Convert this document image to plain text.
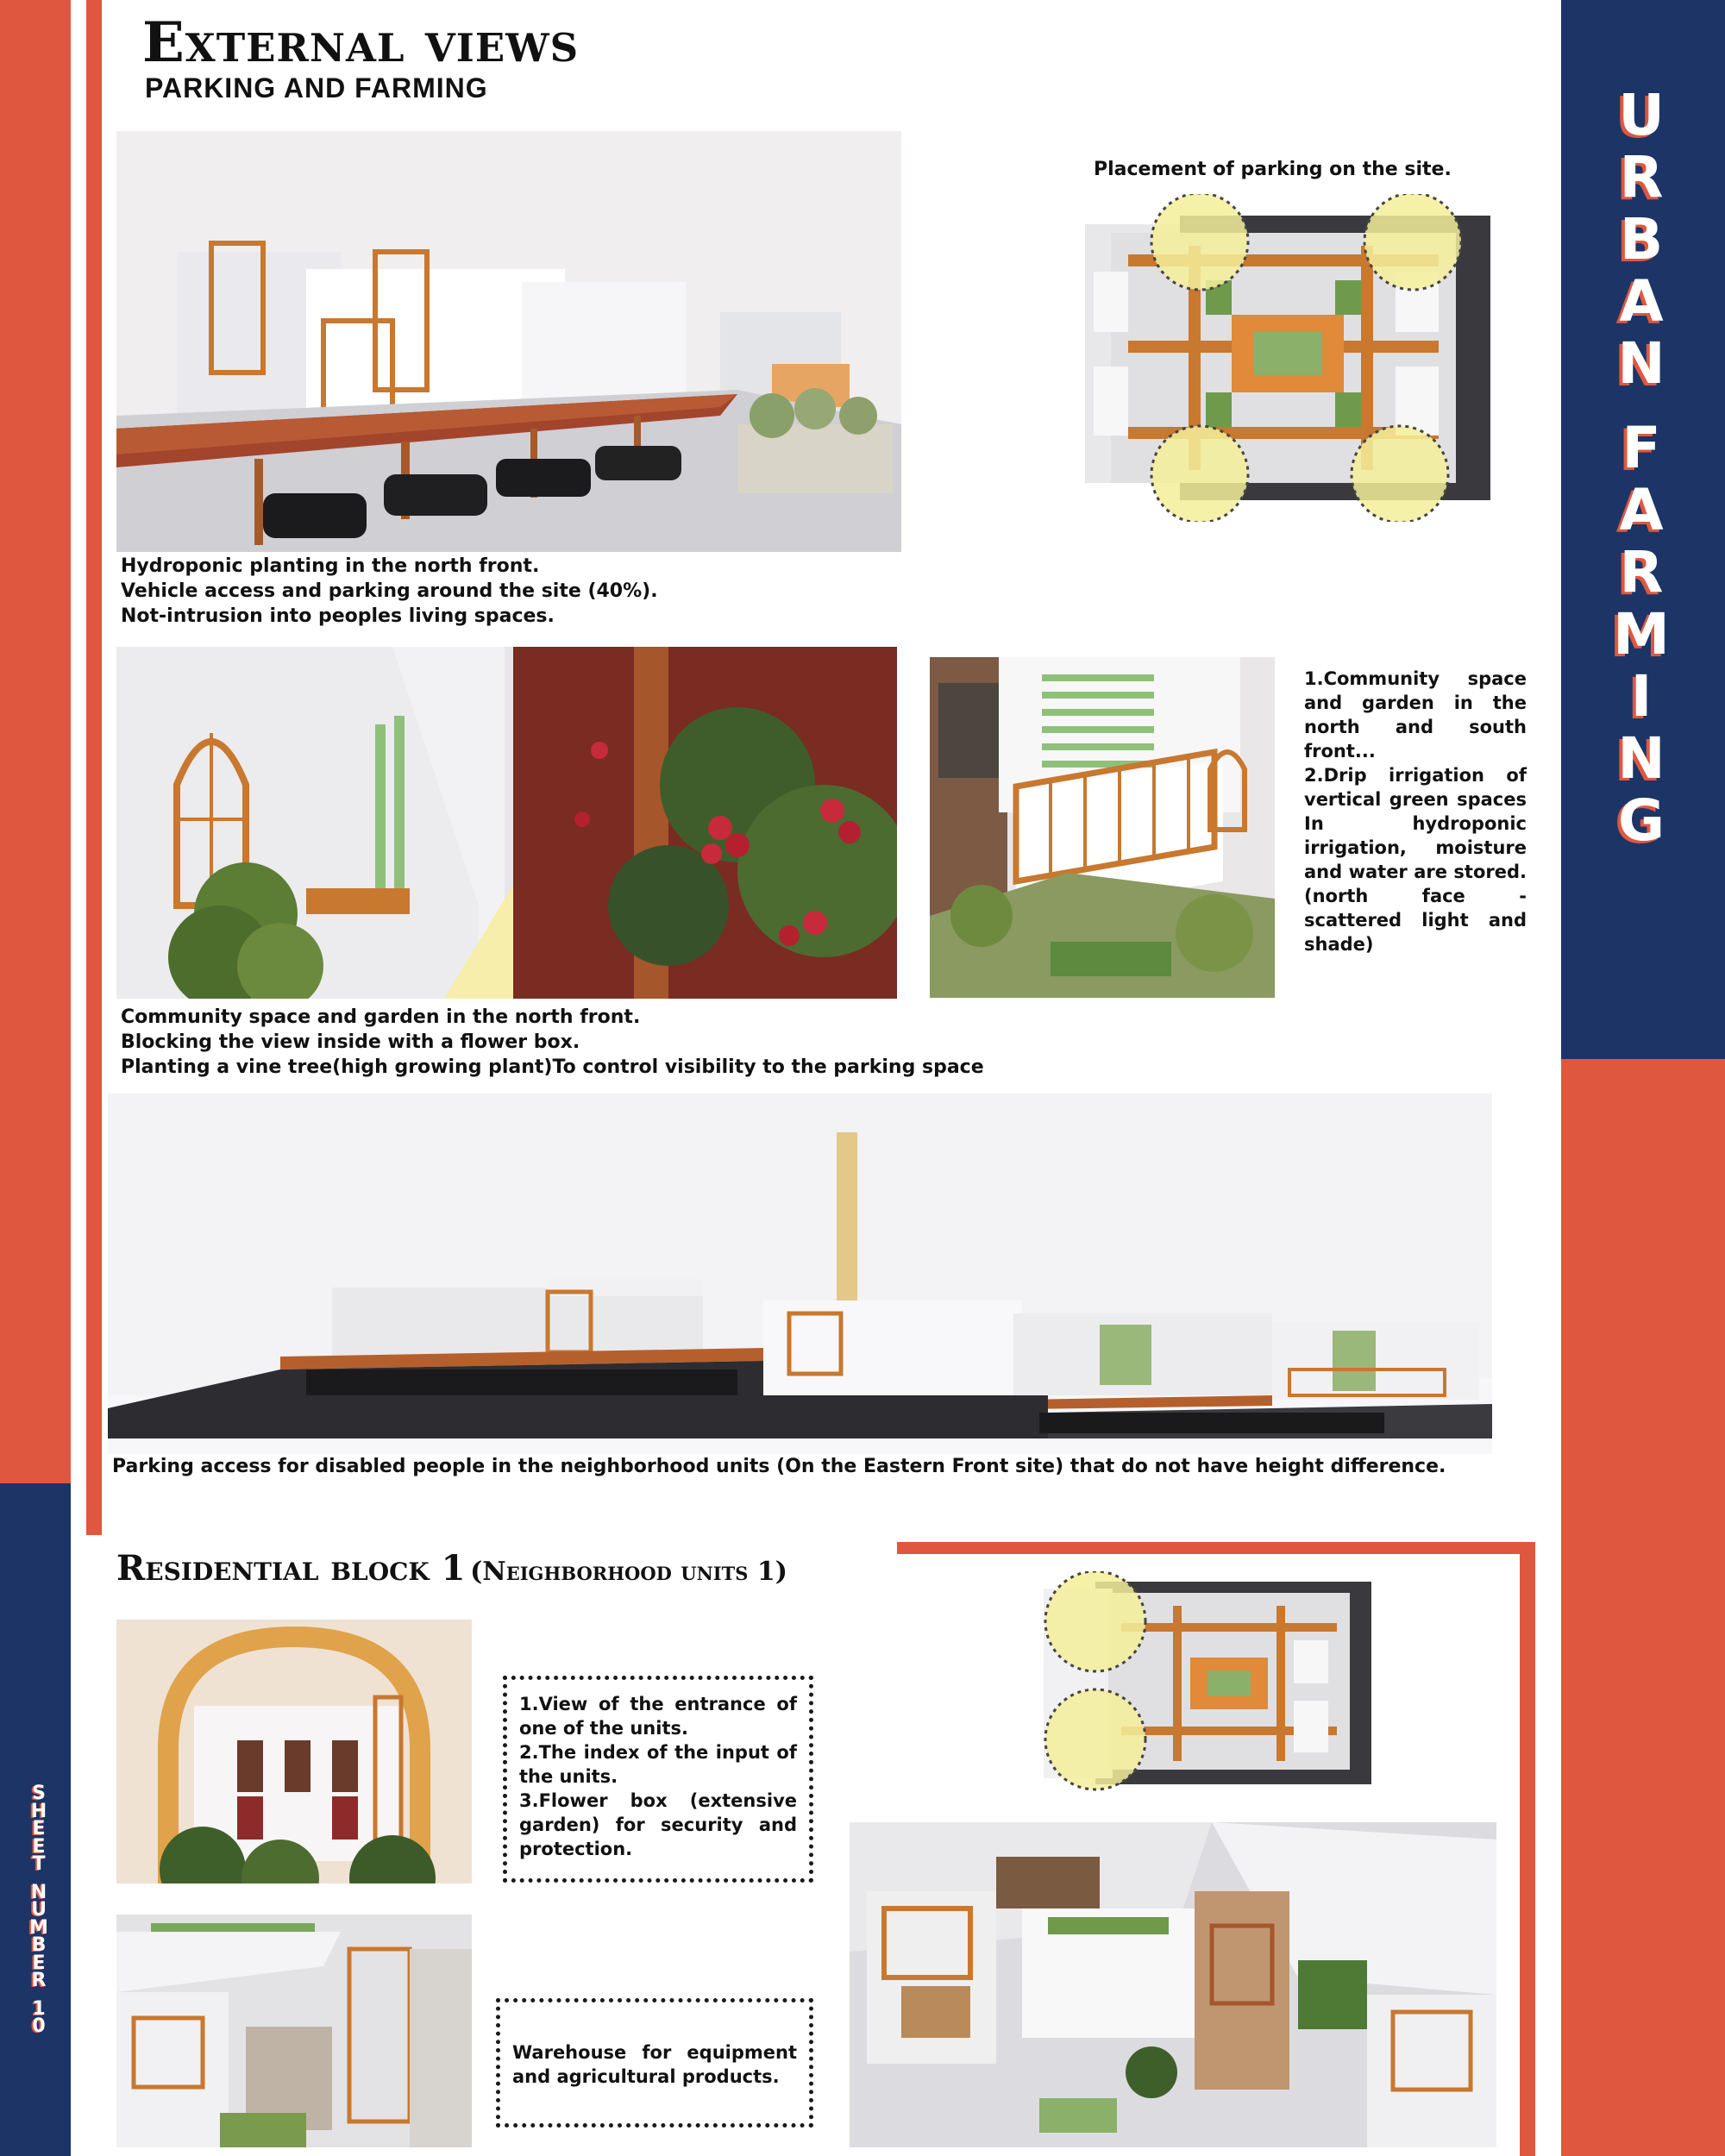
External views
PARKING AND FARMING	U
R
B
A
N
F
A
R
M
I
N
G
S
H
E
E
T
N
U
M
B
E
R
1
0
Hydroponic planting in the north front.
Vehicle access and parking around the site (40%).
Not-intrusion into peoples living spaces.
Placement of parking on the site.
Community space and garden in the north front.
Blocking the view inside with a flower box.
Planting a vine tree(high growing plant)To control visibility to the parking space
1.Community space and garden in the north and south front...
2.Drip irrigation of vertical green spaces In hydroponic irrigation, moisture and water are stored. (north face - scattered light and shade)
Parking access for disabled people in the neighborhood units (On the Eastern Front site) that do not have height difference.
Residential block 1 (Neighborhood units 1)
1.View of the entrance of one of the units.
2.The index of the input of the units.
3.Flower box (extensive garden) for security and protection.
Warehouse for equipment and agricultural products.
